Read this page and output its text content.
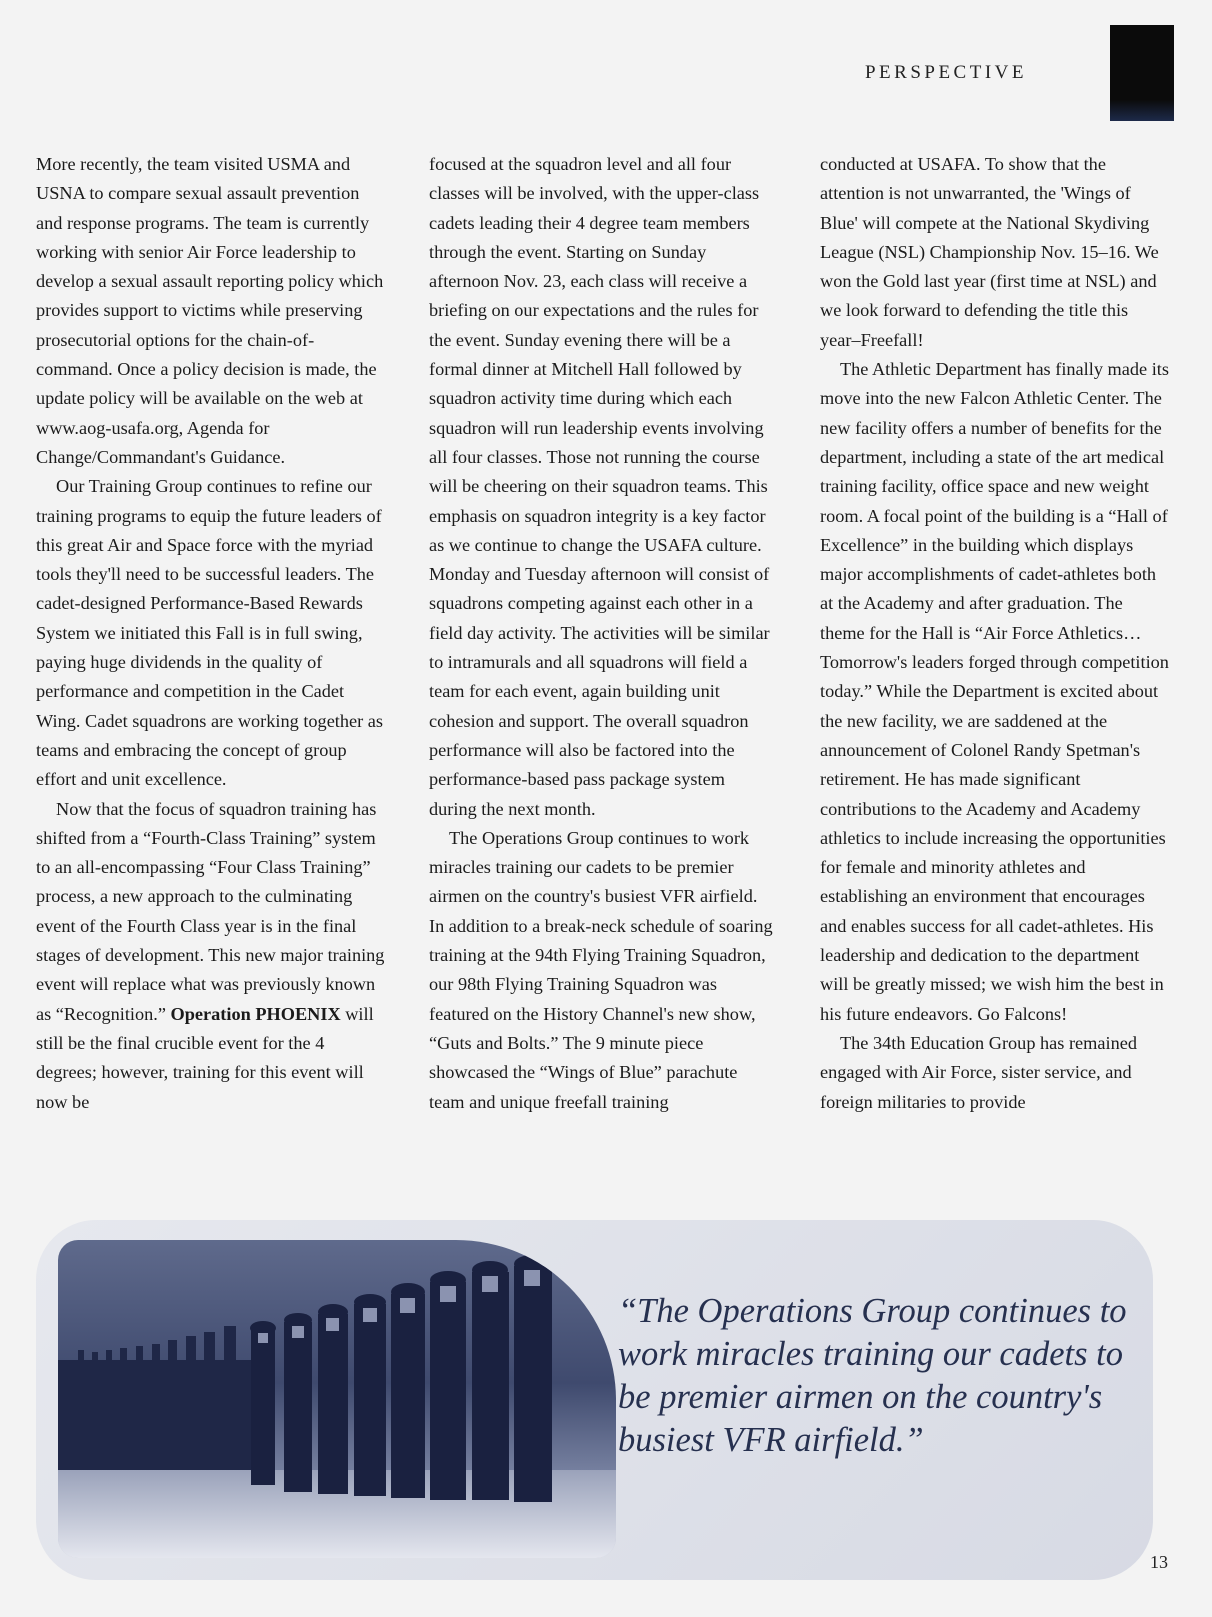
PERSPECTIVE

More recently, the team visited USMA and USNA to compare sexual assault prevention and response programs. The team is currently working with senior Air Force leadership to develop a sexual assault reporting policy which provides support to victims while preserving prosecutorial options for the chain-of-command. Once a policy decision is made, the update policy will be available on the web at www.aog-usafa.org, Agenda for Change/Commandant's Guidance.

Our Training Group continues to refine our training programs to equip the future leaders of this great Air and Space force with the myriad tools they'll need to be successful leaders. The cadet-designed Performance-Based Rewards System we initiated this Fall is in full swing, paying huge dividends in the quality of performance and competition in the Cadet Wing. Cadet squadrons are working together as teams and embracing the concept of group effort and unit excellence.

Now that the focus of squadron training has shifted from a “Fourth-Class Training” system to an all-encompassing “Four Class Training” process, a new approach to the culminating event of the Fourth Class year is in the final stages of development. This new major training event will replace what was previously known as “Recognition.” Operation PHOENIX will still be the final crucible event for the 4 degrees; however, training for this event will now be

focused at the squadron level and all four classes will be involved, with the upper-class cadets leading their 4 degree team members through the event. Starting on Sunday afternoon Nov. 23, each class will receive a briefing on our expectations and the rules for the event. Sunday evening there will be a formal dinner at Mitchell Hall followed by squadron activity time during which each squadron will run leadership events involving all four classes. Those not running the course will be cheering on their squadron teams. This emphasis on squadron integrity is a key factor as we continue to change the USAFA culture. Monday and Tuesday afternoon will consist of squadrons competing against each other in a field day activity. The activities will be similar to intramurals and all squadrons will field a team for each event, again building unit cohesion and support. The overall squadron performance will also be factored into the performance-based pass package system during the next month.

The Operations Group continues to work miracles training our cadets to be premier airmen on the country's busiest VFR airfield. In addition to a break-neck schedule of soaring training at the 94th Flying Training Squadron, our 98th Flying Training Squadron was featured on the History Channel's new show, “Guts and Bolts.” The 9 minute piece showcased the “Wings of Blue” parachute team and unique freefall training

conducted at USAFA. To show that the attention is not unwarranted, the 'Wings of Blue' will compete at the National Skydiving League (NSL) Championship Nov. 15–16. We won the Gold last year (first time at NSL) and we look forward to defending the title this year–Freefall!

The Athletic Department has finally made its move into the new Falcon Athletic Center. The new facility offers a number of benefits for the department, including a state of the art medical training facility, office space and new weight room. A focal point of the building is a “Hall of Excellence” in the building which displays major accomplishments of cadet-athletes both at the Academy and after graduation. The theme for the Hall is “Air Force Athletics…Tomorrow's leaders forged through competition today.” While the Department is excited about the new facility, we are saddened at the announcement of Colonel Randy Spetman's retirement. He has made significant contributions to the Academy and Academy athletics to include increasing the opportunities for female and minority athletes and establishing an environment that encourages and enables success for all cadet-athletes. His leadership and dedication to the department will be greatly missed; we wish him the best in his future endeavors. Go Falcons!

The 34th Education Group has remained engaged with Air Force, sister service, and foreign militaries to provide

“The Operations Group continues to work miracles training our cadets to be premier airmen on the country's busiest VFR airfield.”
13
